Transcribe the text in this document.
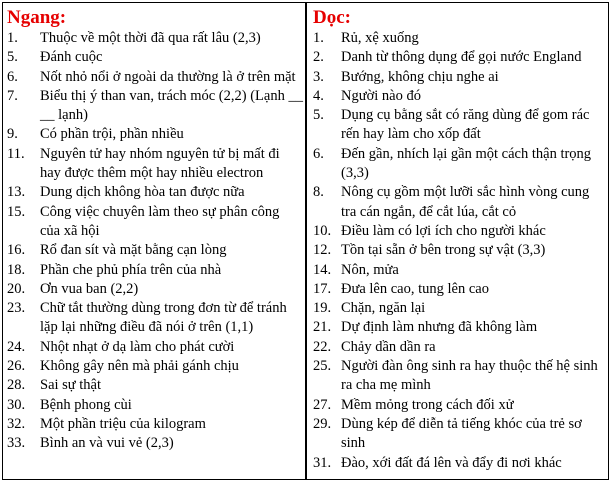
Ngang:
1. Thuộc về một thời đã qua rất lâu (2,3)
5. Đánh cuộc
6. Nốt nhỏ nổi ở ngoài da thường là ở trên mặt
7. Biểu thị ý than van, trách móc (2,2) (Lạnh __ __ lạnh)
9. Có phần trội, phần nhiều
11. Nguyên tử hay nhóm nguyên tử bị mất đi hay được thêm một hay nhiều electron
13. Dung dịch không hòa tan được nữa
15. Công việc chuyên làm theo sự phân công của xã hội
16. Rổ đan sít và mặt bằng cạn lòng
18. Phần che phủ phía trên của nhà
20. Ơn vua ban (2,2)
23. Chữ tắt thường dùng trong đơn từ để tránh lặp lại những điều đã nói ở trên (1,1)
24. Nhột nhạt ở dạ làm cho phát cười
26. Không gây nên mà phải gánh chịu
28. Sai sự thật
30. Bệnh phong cùi
32. Một phần triệu của kilogram
33. Bình an và vui vẻ (2,3)
Dọc:
1. Rủ, xệ xuống
2. Danh từ thông dụng để gọi nước England
3. Bướng, không chịu nghe ai
4. Người nào đó
5. Dụng cụ bằng sắt có răng dùng để gom rác rến hay làm cho xốp đất
6. Đến gần, nhích lại gần một cách thận trọng (3,3)
8. Nông cụ gồm một lưỡi sắc hình vòng cung tra cán ngắn, để cắt lúa, cắt cỏ
10. Điều làm có lợi ích cho người khác
12. Tồn tại sẵn ở bên trong sự vật (3,3)
14. Nôn, mửa
17. Đưa lên cao, tung lên cao
19. Chặn, ngăn lại
21. Dự định làm nhưng đã không làm
22. Chảy dần dần ra
25. Người đàn ông sinh ra hay thuộc thế hệ sinh ra cha mẹ mình
27. Mềm mỏng trong cách đối xử
29. Dùng kép để diễn tả tiếng khóc của trẻ sơ sinh
31. Đào, xới đất đá lên và đẩy đi nơi khác
